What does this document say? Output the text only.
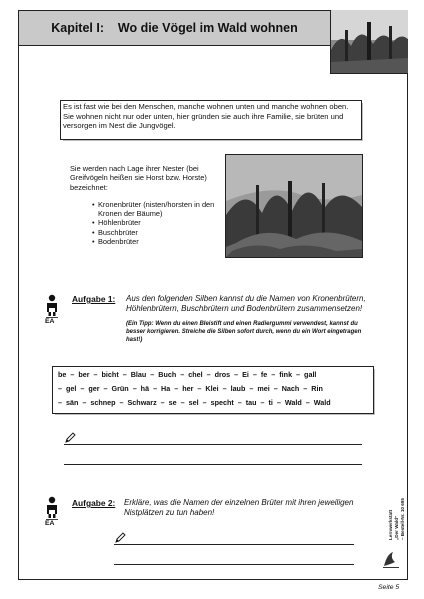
Kapitel I:    Wo die Vögel im Wald wohnen
Es ist fast wie bei den Menschen, manche wohnen unten und manche wohnen oben. Sie wohnen nicht nur oder unten, hier gründen sie auch ihre Familie, sie brüten und versorgen im Nest die Jungvögel.
Sie werden nach Lage ihrer Nester (bei Greifvögeln heißen sie Horst bzw. Horste) bezeichnet:
• Kronenbrüter (nisten/horsten in den Kronen der Bäume)
• Höhlenbrüter
• Buschbrüter
• Bodenbrüter
EA
Aufgabe 1: Aus den folgenden Silben kannst du die Namen von Kronenbrütern, Höhlenbrütern, Buschbrütern und Bodenbrütern zusammensetzen!
(Ein Tipp: Wenn du einen Bleistift und einen Radiergummi verwendest, kannst du besser korrigieren. Streiche die Silben sofort durch, wenn du ein Wort eingetragen hast!)
be  –  ber  –  bicht  –  Blau  –  Buch  –  chel  –  dros  –  Ei  –  fe  –  fink  –  gall
–  gel  –  ger  –  Grün  –  hä  –  Ha  –  her  –  Klei  –  laub  –  mei  –  Nach  –  Rin
–  sän  –  schnep  –  Schwarz  –  se  –  sel  –  specht  –  tau  –  ti  –  Wald  –  Wald
EA
Aufgabe 2: Erkläre, was die Namen der einzelnen Brüter mit ihren jeweiligen Nistplätzen zu tun haben!	Lernwerkstatt „Der Wald“ – Bestell-Nr. 10 695
Seite 5
